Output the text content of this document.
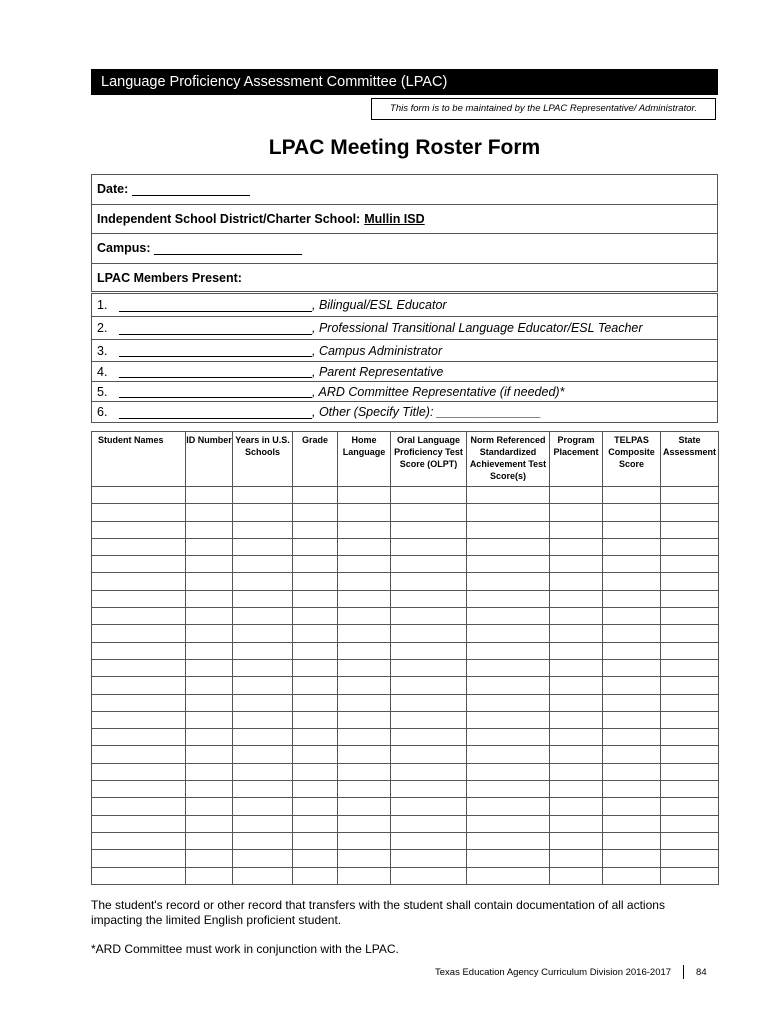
Language Proficiency Assessment Committee (LPAC)
This form is to be maintained by the LPAC Representative/ Administrator.
LPAC Meeting Roster Form
Date:
Independent School District/Charter School: Mullin ISD
Campus:
LPAC Members Present:
1.	, Bilingual/ESL Educator
2.	, Professional Transitional Language Educator/ESL Teacher
3.	, Campus Administrator
4.	, Parent Representative
5.	, ARD Committee Representative (if needed)*
6.	, Other (Specify Title): _______________
Student Names	ID Number	Years in U.S. Schools	Grade	Home Language	Oral Language Proficiency Test Score (OLPT)	Norm Referenced Standardized Achievement Test Score(s)	Program Placement	TELPAS Composite Score	State Assessment

The student's record or other record that transfers with the student shall contain documentation of all actions impacting the limited English proficient student.
*ARD Committee must work in conjunction with the LPAC.
Texas Education Agency Curriculum Division 2016-2017	84
